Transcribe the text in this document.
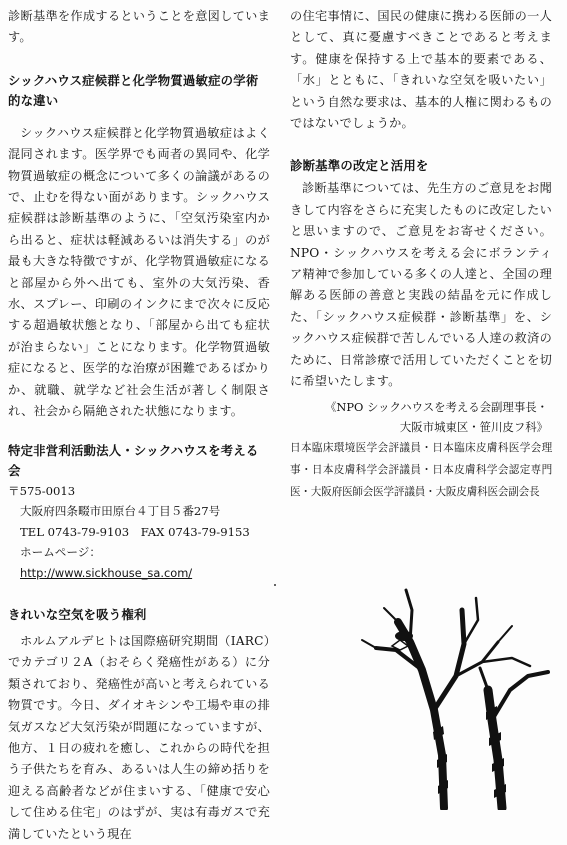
診断基準を作成するということを意図しています。

シックハウス症候群と化学物質過敏症の学術的な違い

シックハウス症候群と化学物質過敏症はよく混同されます。医学界でも両者の異同や、化学物質過敏症の概念について多くの論議があるので、止むを得ない面があります。シックハウス症候群は診断基準のように、「空気汚染室内から出ると、症状は軽減あるいは消失する」のが最も大きな特徴ですが、化学物質過敏症になると部屋から外へ出ても、室外の大気汚染、香水、スプレー、印刷のインクにまで次々に反応する超過敏状態となり、「部屋から出ても症状が治まらない」ことになります。化学物質過敏症になると、医学的な治療が困難であるばかりか、就職、就学など社会生活が著しく制限され、社会から隔絶された状態になります。

特定非営利活動法人・シックハウスを考える会
〒575-0013
大阪府四条畷市田原台４丁目５番27号
TEL 0743-79-9103　FAX 0743-79-9153
ホームページ：http://www.sickhouse_sa.com/
きれいな空気を吸う権利

ホルムアルデヒトは国際癌研究期間（IARC）でカテゴリ２A（おそらく発癌性がある）に分類されており、発癌性が高いと考えられている物質です。今日、ダイオキシンや工場や車の排気ガスなど大気汚染が問題になっていますが、他方、１日の疲れを癒し、これからの時代を担う子供たちを育み、あるいは人生の締め括りを迎える高齢者などが住まいする、「健康で安心して住める住宅」のはずが、実は有毒ガスで充満していたという現在

の住宅事情に、国民の健康に携わる医師の一人として、真に憂慮すべきことであると考えます。健康を保持する上で基本的要素である、「水」とともに、「きれいな空気を吸いたい」という自然な要求は、基本的人権に関わるものではないでしょうか。

診断基準の改定と活用を

診断基準については、先生方のご意見をお聞きして内容をさらに充実したものに改定したいと思いますので、ご意見をお寄せください。NPO・シックハウスを考える会にボランティア精神で参加している多くの人達と、全国の理解ある医師の善意と実践の結晶を元に作成した、「シックハウス症候群・診断基準」を、シックハウス症候群で苦しんでいる人達の救済のために、日常診療で活用していただくことを切に希望いたします。

《NPO シックハウスを考える会副理事長・
大阪市城東区・笹川皮フ科》

日本臨床環境医学会評議員・日本臨床皮膚科医学会理事・日本皮膚科学会評議員・日本皮膚科学会認定専門医・大阪府医師会医学評議員・大阪皮膚科医会副会長
